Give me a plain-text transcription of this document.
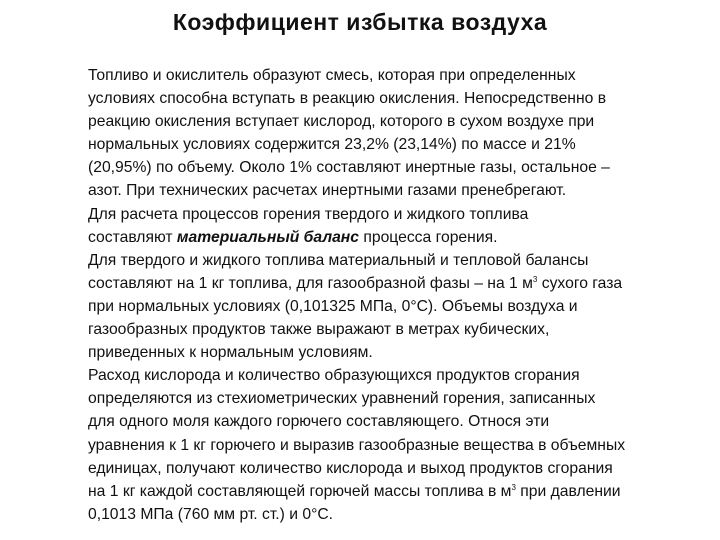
Коэффициент избытка воздуха
Топливо и окислитель образуют смесь, которая при определенных
условиях способна вступать в реакцию окисления. Непосредственно в
реакцию окисления вступает кислород, которого в сухом воздухе при
нормальных условиях содержится 23,2% (23,14%) по массе и 21%
(20,95%) по объему. Около 1% составляют инертные газы, остальное –
азот. При технических расчетах инертными газами пренебрегают.
Для расчета процессов горения твердого и жидкого топлива
составляют материальный баланс процесса горения.
Для твердого и жидкого топлива материальный и тепловой балансы
составляют на 1 кг топлива, для газообразной фазы – на 1 $м^3$ сухого газа
при нормальных условиях (0,101325 МПа, 0°С). Объемы воздуха и
газообразных продуктов также выражают в метрах кубических,
приведенных к нормальным условиям.
Расход кислорода и количество образующихся продуктов сгорания
определяются из стехиометрических уравнений горения, записанных
для одного моля каждого горючего составляющего. Относя эти
уравнения к 1 кг горючего и выразив газообразные вещества в объемных
единицах, получают количество кислорода и выход продуктов сгорания
на 1 кг каждой составляющей горючей массы топлива в $м^3$ при давлении
0,1013 МПа (760 мм рт. ст.) и 0°С.
